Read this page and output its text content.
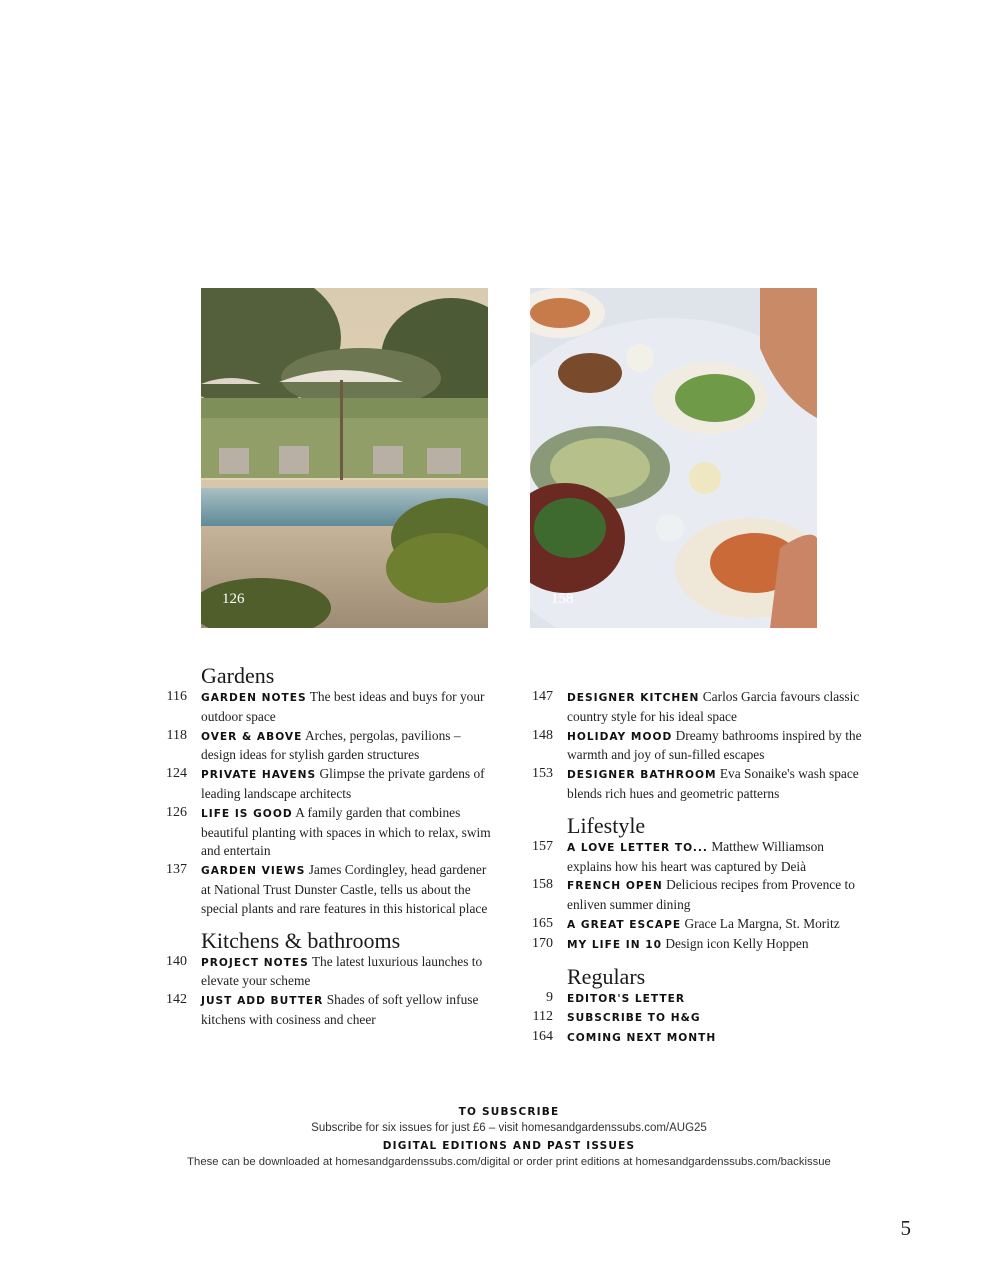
126	158
Gardens
116	GARDEN NOTES The best ideas and buys for your outdoor space
118	OVER & ABOVE Arches, pergolas, pavilions – design ideas for stylish garden structures
124	PRIVATE HAVENS Glimpse the private gardens of leading landscape architects
126	LIFE IS GOOD A family garden that combines beautiful planting with spaces in which to relax, swim and entertain
137	GARDEN VIEWS James Cordingley, head gardener at National Trust Dunster Castle, tells us about the special plants and rare features in this historical place
Kitchens & bathrooms
140	PROJECT NOTES The latest luxurious launches to elevate your scheme
142	JUST ADD BUTTER Shades of soft yellow infuse kitchens with cosiness and cheer
147	DESIGNER KITCHEN Carlos Garcia favours classic country style for his ideal space
148	HOLIDAY MOOD Dreamy bathrooms inspired by the warmth and joy of sun-filled escapes
153	DESIGNER BATHROOM Eva Sonaike's wash space blends rich hues and geometric patterns
Lifestyle
157	A LOVE LETTER TO... Matthew Williamson explains how his heart was captured by Deià
158	FRENCH OPEN Delicious recipes from Provence to enliven summer dining
165	A GREAT ESCAPE Grace La Margna, St. Moritz
170	MY LIFE IN 10 Design icon Kelly Hoppen
Regulars
9	EDITOR'S LETTER
112	SUBSCRIBE TO H&G
164	COMING NEXT MONTH
TO SUBSCRIBE
Subscribe for six issues for just £6 – visit homesandgardenssubs.com/AUG25
DIGITAL EDITIONS AND PAST ISSUES
These can be downloaded at homesandgardenssubs.com/digital or order print editions at homesandgardenssubs.com/backissue
5
